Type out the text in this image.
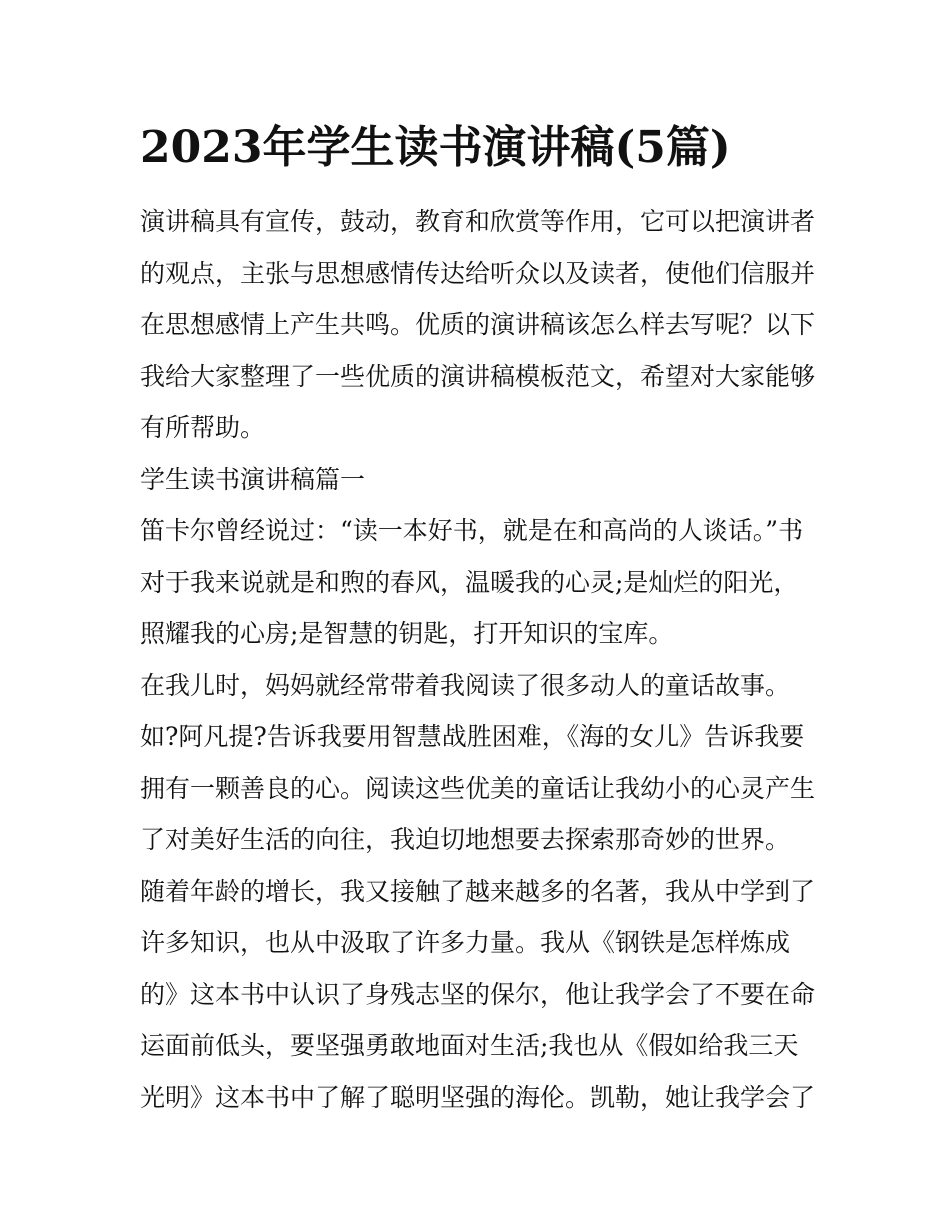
2023年学生读书演讲稿(5篇)
演讲稿具有宣传，鼓动，教育和欣赏等作用，它可以把演讲者
的观点，主张与思想感情传达给听众以及读者，使他们信服并
在思想感情上产生共鸣。优质的演讲稿该怎么样去写呢？以下
我给大家整理了一些优质的演讲稿模板范文，希望对大家能够
有所帮助。
学生读书演讲稿篇一
笛卡尔曾经说过：“读一本好书，就是在和高尚的人谈话。”书
对于我来说就是和煦的春风，温暖我的心灵;是灿烂的阳光，
照耀我的心房;是智慧的钥匙，打开知识的宝库。
在我儿时，妈妈就经常带着我阅读了很多动人的童话故事。
如?阿凡提?告诉我要用智慧战胜困难，《海的女儿》告诉我要
拥有一颗善良的心。阅读这些优美的童话让我幼小的心灵产生
了对美好生活的向往，我迫切地想要去探索那奇妙的世界。
随着年龄的增长，我又接触了越来越多的名著，我从中学到了
许多知识，也从中汲取了许多力量。我从《钢铁是怎样炼成
的》这本书中认识了身残志坚的保尔，他让我学会了不要在命
运面前低头，要坚强勇敢地面对生活;我也从《假如给我三天
光明》这本书中了解了聪明坚强的海伦。凯勒，她让我学会了
